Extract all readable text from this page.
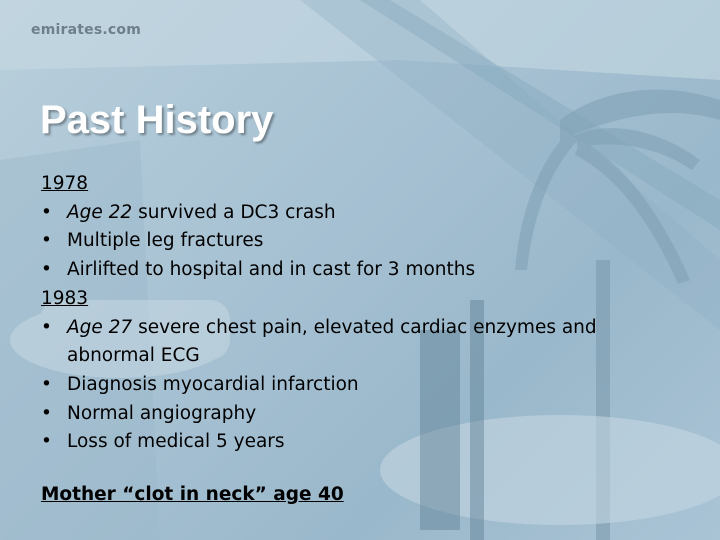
emirates.com
Past History
1978
• Age 22 survived a DC3 crash
• Multiple leg fractures
• Airlifted to hospital and in cast for 3 months
1983
• Age 27 severe chest pain, elevated cardiac enzymes and abnormal ECG
• Diagnosis myocardial infarction
• Normal angiography
• Loss of medical 5 years
Mother “clot in neck” age 40
